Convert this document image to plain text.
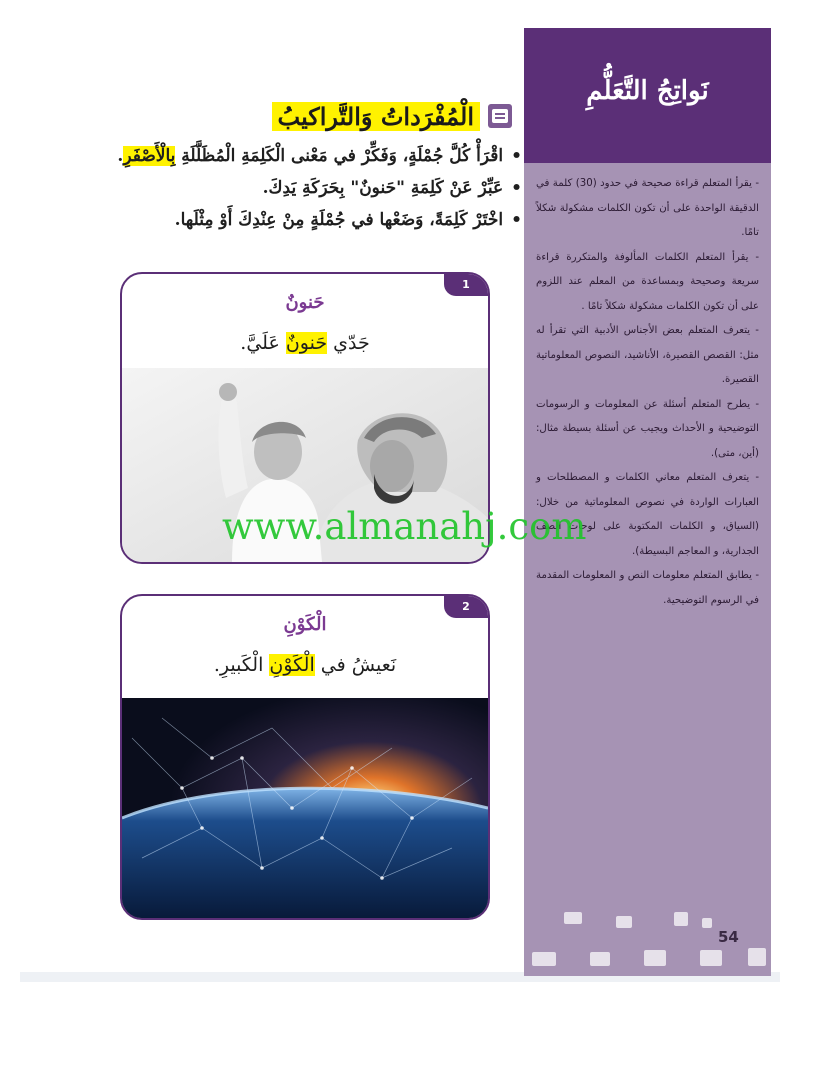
نَواتِجُ التَّعَلُّمِ

- يقرأ المتعلم قراءة صحيحة في حدود (30) كلمة في الدقيقة الواحدة على أن تكون الكلمات مشكولة شكلاً تامًا.

- يقرأ المتعلم الكلمات المألوفة والمتكررة قراءة سريعة وصحيحة وبمساعدة من المعلم عند اللزوم على أن تكون الكلمات مشكولة شكلاً تامًا .

- يتعرف المتعلم بعض الأجناس الأدبية التي تقرأ له مثل: القصص القصيرة، الأناشيد، النصوص المعلوماتية القصيرة.

- يطرح المتعلم أسئلة عن المعلومات و الرسومات التوضيحية و الأحداث ويجيب عن أسئلة بسيطة مثال: (أين، متى).

- يتعرف المتعلم معاني الكلمات و المصطلحات و العبارات الواردة في نصوص المعلوماتية من خلال:(السياق، و الكلمات المكتوبة على لوحات الصف الجدارية، و المعاجم البسيطة).

- يطابق المتعلم معلومات النص و المعلومات المقدمة في الرسوم التوضيحية.

54
الْمُفْرَداتُ وَالتَّراكيبُ
•اقْرَأْ كُلَّ جُمْلَةٍ، وَفَكِّرْ في مَعْنى الْكَلِمَةِ الْمُظَلَّلَةِ بِالْأَصْفَرِ.
•عَبِّرْ عَنْ كَلِمَةِ "حَنونٌ" بِحَرَكَةِ يَدِكَ.
•اخْتَرْ كَلِمَةً، وَضَعْها في جُمْلَةٍ مِنْ عِنْدِكَ أَوْ مِثْلَها.
1
حَنونٌ
جَدّي حَنونٌ عَلَيَّ.
2
الْكَوْنِ
نَعيشُ في الْكَوْنِ الْكَبيرِ.
www.almanahj.com
